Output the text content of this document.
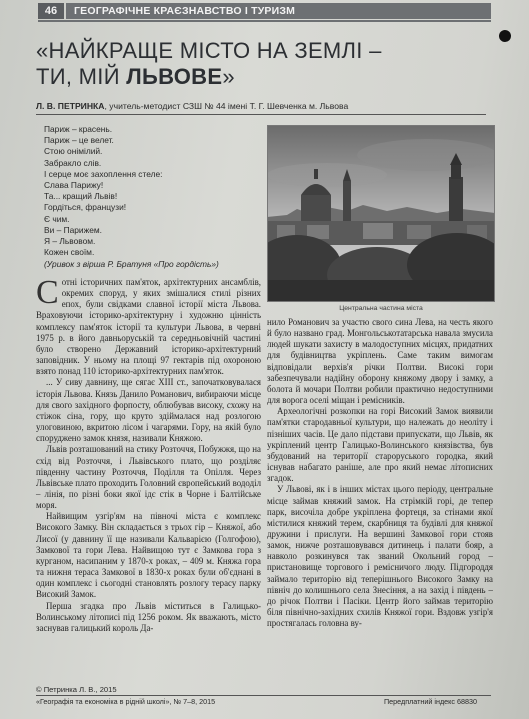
46	ГЕОГРАФІЧНЕ КРАЄЗНАВСТВО І ТУРИЗМ
«НАЙКРАЩЕ МІСТО НА ЗЕМЛІ –
ТИ, МІЙ ЛЬВОВЕ»
Л. В. ПЕТРИНКА, учитель-методист СЗШ № 44 імені Т. Г. Шевченка м. Львова
Париж – красень.
Париж – це велет.
Стою онімілий.
Забракло слів.
І серце моє захоплення стеле:
Слава Парижу!
Та... кращий Львів!
Гордіться, французи!
Є чим.
Ви – Парижем.
Я – Львовом.
Кожен своїм.
(Уривок з вірша Р. Братуня «Про гордість»)
Центральна частина міста

Сотні історичних пам'яток, архітектурних ансамблів, окремих споруд, у яких змішалися стилі різних епох, були свідками славної історії міста Львова. Враховуючи історико-архітектурну і художню цінність комплексу пам'яток історії та культури Львова, в червні 1975 р. в його давньоруській та середньовічній частині було створено Державний історико-архітектурний заповідник. У ньому на площі 97 гектарів під охороною взято понад 110 історико-архітектурних пам'яток.

... У сиву давнину, ще сягає XIII ст., започатковувалася історія Львова. Князь Данило Романович, вибираючи місце для свого західного форпосту, облюбував високу, схожу на стіжок сіна, гору, що круто здіймалася над розлогою улоговиною, вкритою лісом і чагарями. Гору, на якій було споруджено замок князя, називали Княжою.

Львів розташований на стику Розточчя, Побужжя, що на схід від Розточчя, і Львівського плато, що розділяє південну частину Розточчя, Поділля та Опілля. Через Львівське плато проходить Головний європейський вододіл – лінія, по різні боки якої ідє стік в Чорне і Балтійське моря.

Найвищим узгір'ям на півночі міста є комплекс Високого Замку. Він складається з трьох гір – Княжої, або Лисої (у давнину її ще називали Кальварією (Голгофою), Замкової та гори Лева. Найвищою тут є Замкова гора з курганом, насипаним у 1870-х роках, – 409 м. Княжа гора та нижня тераса Замкової в 1830-х роках були об'єднані в один комплекс і сьогодні становлять розлогу терасу парку Високий Замок.

Перша згадка про Львів міститься в Галицько-Волинському літописі під 1256 роком. Як вважають, місто заснував галицький король Да-

нило Романович за участю свого сина Лева, на честь якого й було названо град. Монгольськотатарська навала змусила людей шукати захисту в малодоступних місцях, придатних для будівництва укріплень. Саме таким вимогам відповідали верхів'я річки Полтви. Високі гори забезпечували надійну оборону княжому двору і замку, а болота й мочари Полтви робили практично недоступними для ворога оселі міщан і ремісників.

Археологічні розкопки на горі Високий Замок виявили пам'ятки стародавньої культури, що належать до неоліту і пізніших часів. Це дало підстави припускати, що Львів, як укріплений центр Галицько-Волинського князівства, був збудований на території староруського городка, який існував набагато раніше, але про який немає літописних згадок.

У Львові, як і в інших містах цього періоду, центральне місце займав княжий замок. На стрімкій горі, де тепер парк, височіла добре укріплена фортеця, за стінами якої містилися княжий терем, скарбниця та будівлі для княжої дружини і прислуги. На вершині Замкової гори стояв замок, нижче розташовувався дитинець і палати бояр, а навколо розкинувся так званий Окольний город – пристановище торгового і ремісничого люду. Підгороддя займало територію від теперішнього Високого Замку на північ до колишнього села Знесіння, а на захід і південь – до річок Полтви і Пасіки. Центр його займав територію біля північно-західних схилів Княжої гори. Вздовж узгір'я простягалась головна ву-

© Петринка Л. В., 2015
«Географія та економіка в рідній школі», № 7–8, 2015	Передплатний індекс 68830
